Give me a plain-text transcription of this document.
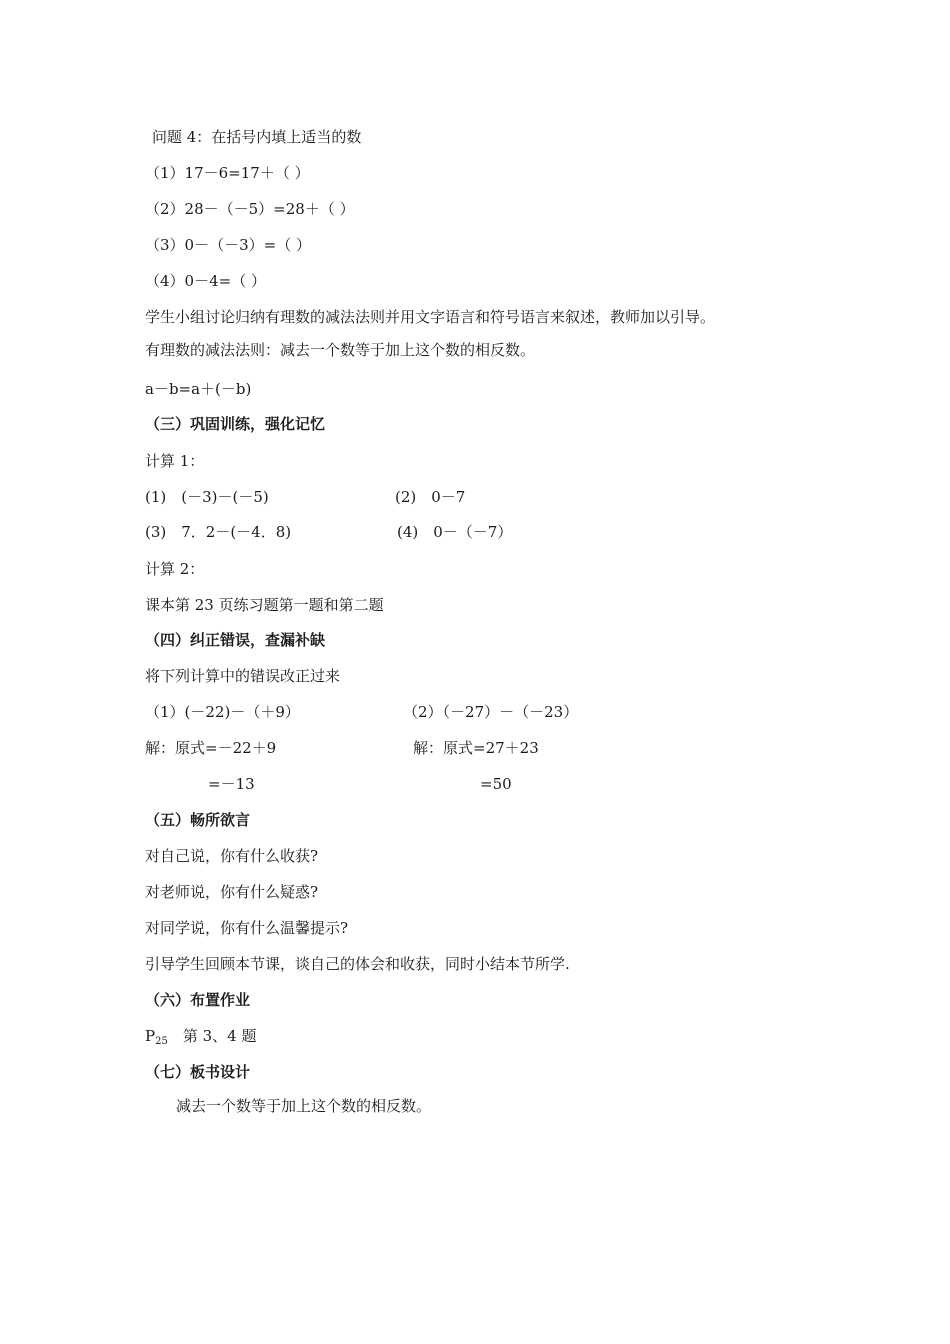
问题 4：在括号内填上适当的数
（1）17－6=17＋（ ）
（2）28－（－5）=28＋（ ）
（3）0－（－3）=（ ）
（4）0－4=（ ）
学生小组讨论归纳有理数的减法法则并用文字语言和符号语言来叙述，教师加以引导。
有理数的减法法则：减去一个数等于加上这个数的相反数。
a－b=a＋(－b)
（三）巩固训练，强化记忆
计算 1：
(1)　(－3)－(－5)	(2)　0－7
(3)　7．2－(－4．8)	(4)　0－（－7）
计算 2：
课本第 23 页练习题第一题和第二题
（四）纠正错误，查漏补缺
将下列计算中的错误改正过来
（1）(－22)－（＋9）	（2）（－27）－（－23）
解：原式=－22＋9	解：原式=27＋23
=－13	=50
（五）畅所欲言
对自己说，你有什么收获?
对老师说，你有什么疑惑?
对同学说，你有什么温馨提示?
引导学生回顾本节课，谈自己的体会和收获，同时小结本节所学.
（六）布置作业
$P_{25}$　第 3、4 题
（七）板书设计
减去一个数等于加上这个数的相反数。
